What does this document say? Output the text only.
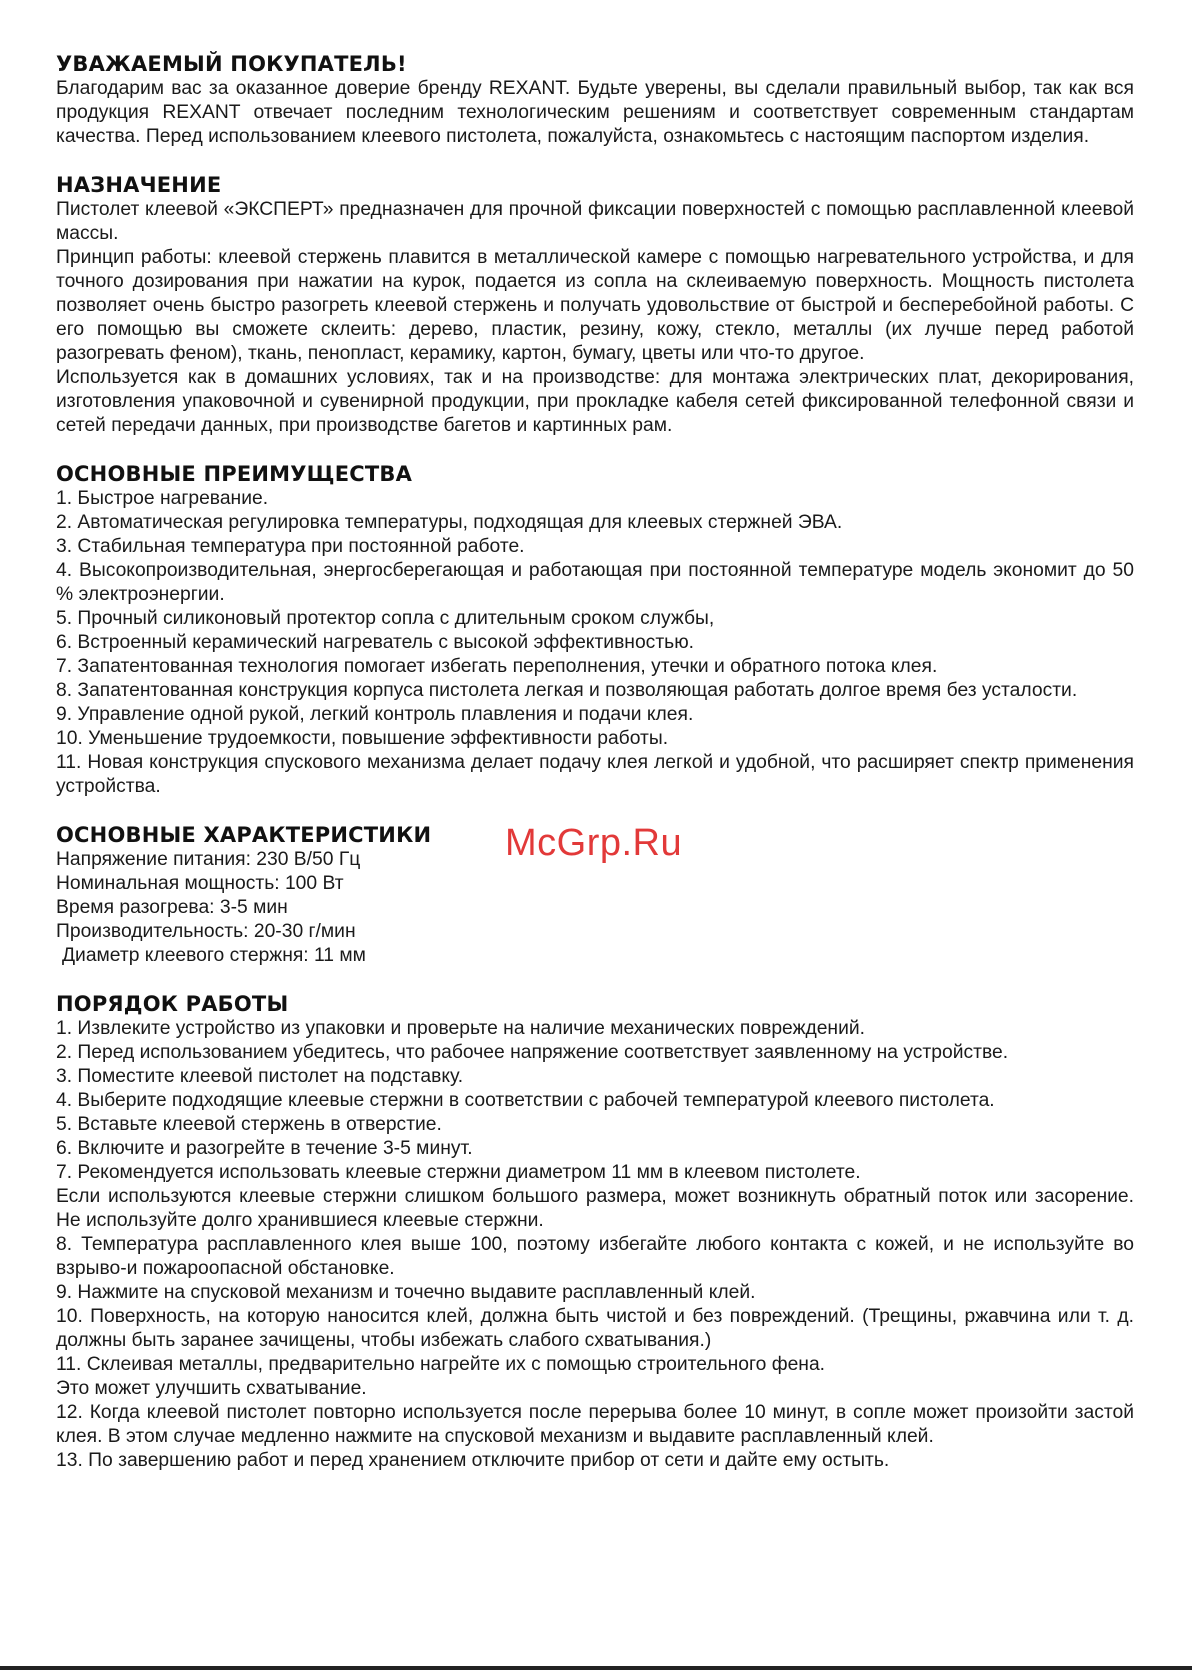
УВАЖАЕМЫЙ ПОКУПАТЕЛЬ!

Благодарим вас за оказанное доверие бренду REXANT. Будьте уверены, вы сделали правильный выбор, так как вся продукция REXANT отвечает последним технологическим решениям и соответствует современным стандартам качества. Перед использованием клеевого пистолета, пожалуйста, ознакомьтесь с настоящим паспортом изделия.

НАЗНАЧЕНИЕ

Пистолет клеевой «ЭКСПЕРТ» предназначен для прочной фиксации поверхностей с помощью расплавленной клеевой массы.

Принцип работы: клеевой стержень плавится в металлической камере с помощью нагревательного устройства, и для точного дозирования при нажатии на курок, подается из сопла на склеиваемую поверхность. Мощность пистолета позволяет очень быстро разогреть клеевой стержень и получать удовольствие от быстрой и бесперебойной работы. С его помощью вы сможете склеить: дерево, пластик, резину, кожу, стекло, металлы (их лучше перед работой разогревать феном), ткань, пенопласт, керамику, картон, бумагу, цветы или что-то другое.

Используется как в домашних условиях, так и на производстве: для монтажа электрических плат, декорирования, изготовления упаковочной и сувенирной продукции, при прокладке кабеля сетей фиксированной телефонной связи и сетей передачи данных, при производстве багетов и картинных рам.

ОСНОВНЫЕ ПРЕИМУЩЕСТВА

1. Быстрое нагревание.

2. Автоматическая регулировка температуры, подходящая для клеевых стержней ЭВА.

3. Стабильная температура при постоянной работе.

4. Высокопроизводительная, энергосберегающая и работающая при постоянной температуре модель экономит до 50 % электроэнергии.

5. Прочный силиконовый протектор сопла с длительным сроком службы,

6. Встроенный керамический нагреватель с высокой эффективностью.

7. Запатентованная технология помогает избегать переполнения, утечки и обратного потока клея.

8. Запатентованная конструкция корпуса пистолета легкая и позволяющая работать долгое время без усталости.

9. Управление одной рукой, легкий контроль плавления и подачи клея.

10. Уменьшение трудоемкости, повышение эффективности работы.

11. Новая конструкция спускового механизма делает подачу клея легкой и удобной, что расширяет спектр применения устройства.

ОСНОВНЫЕ ХАРАКТЕРИСТИКИ

Напряжение питания: 230 В/50 Гц

Номинальная мощность: 100 Вт

Время разогрева: 3-5 мин

Производительность: 20-30 г/мин

Диаметр клеевого стержня: 11 мм

ПОРЯДОК РАБОТЫ

1. Извлеките устройство из упаковки и проверьте на наличие механических повреждений.

2. Перед использованием убедитесь, что рабочее напряжение соответствует заявленному на устройстве.

3. Поместите клеевой пистолет на подставку.

4. Выберите подходящие клеевые стержни в соответствии с рабочей температурой клеевого пистолета.

5. Вставьте клеевой стержень в отверстие.

6. Включите и разогрейте в течение 3-5 минут.

7. Рекомендуется использовать клеевые стержни диаметром 11 мм в клеевом пистолете.

Если используются клеевые стержни слишком большого размера, может возникнуть обратный поток или засорение. Не используйте долго хранившиеся клеевые стержни.

8. Температура расплавленного клея выше 100, поэтому избегайте любого контакта с кожей, и не используйте во взрыво-и пожароопасной обстановке.

9. Нажмите на спусковой механизм и точечно выдавите расплавленный клей.

10. Поверхность, на которую наносится клей, должна быть чистой и без повреждений. (Трещины, ржавчина или т. д. должны быть заранее зачищены, чтобы избежать слабого схватывания.)

11. Склеивая металлы, предварительно нагрейте их с помощью строительного фена.

Это может улучшить схватывание.

12. Когда клеевой пистолет повторно используется после перерыва более 10 минут, в сопле может произойти застой клея. В этом случае медленно нажмите на спусковой механизм и выдавите расплавленный клей.

13. По завершению работ и перед хранением отключите прибор от сети и дайте ему остыть.

McGrp.Ru
